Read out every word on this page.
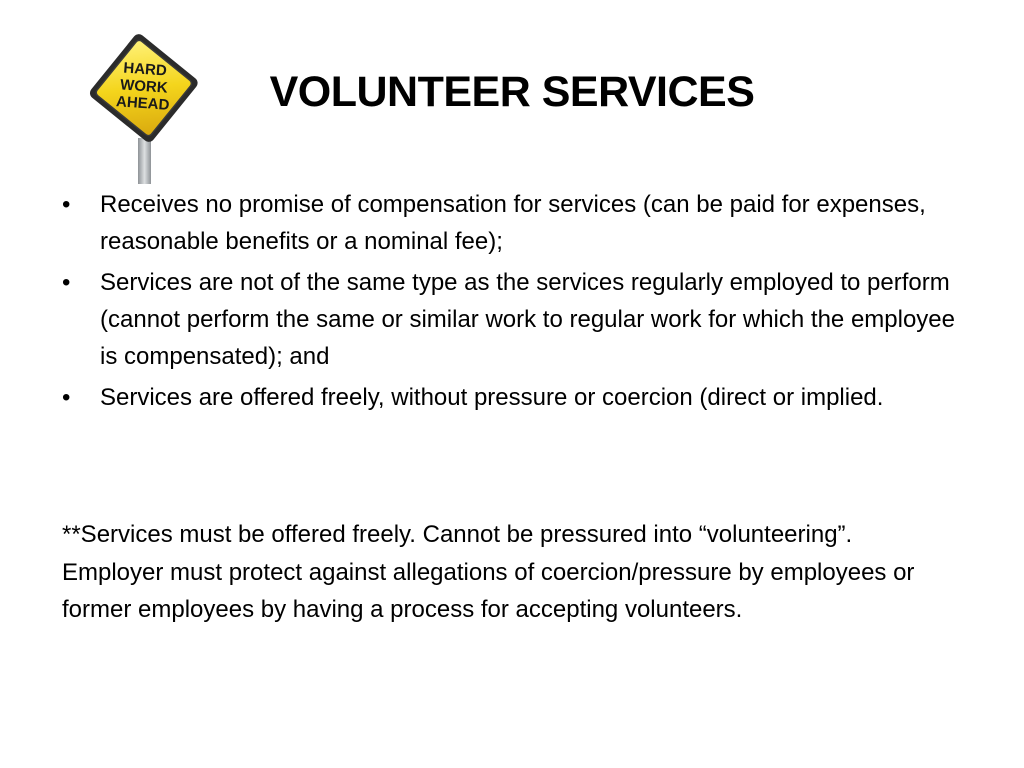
HARD
WORK
AHEAD	VOLUNTEER SERVICES
•	Receives no promise of compensation for services (can be paid for expenses, reasonable benefits or a nominal fee);
•	Services are not of the same type as the services regularly employed to perform (cannot perform the same or similar work to regular work for which the employee is compensated); and
•	Services are offered freely, without pressure or coercion (direct or implied.

**Services must be offered freely. Cannot be pressured into “volunteering”. Employer must protect against allegations of coercion/pressure by employees or former employees by having a process for accepting volunteers.
